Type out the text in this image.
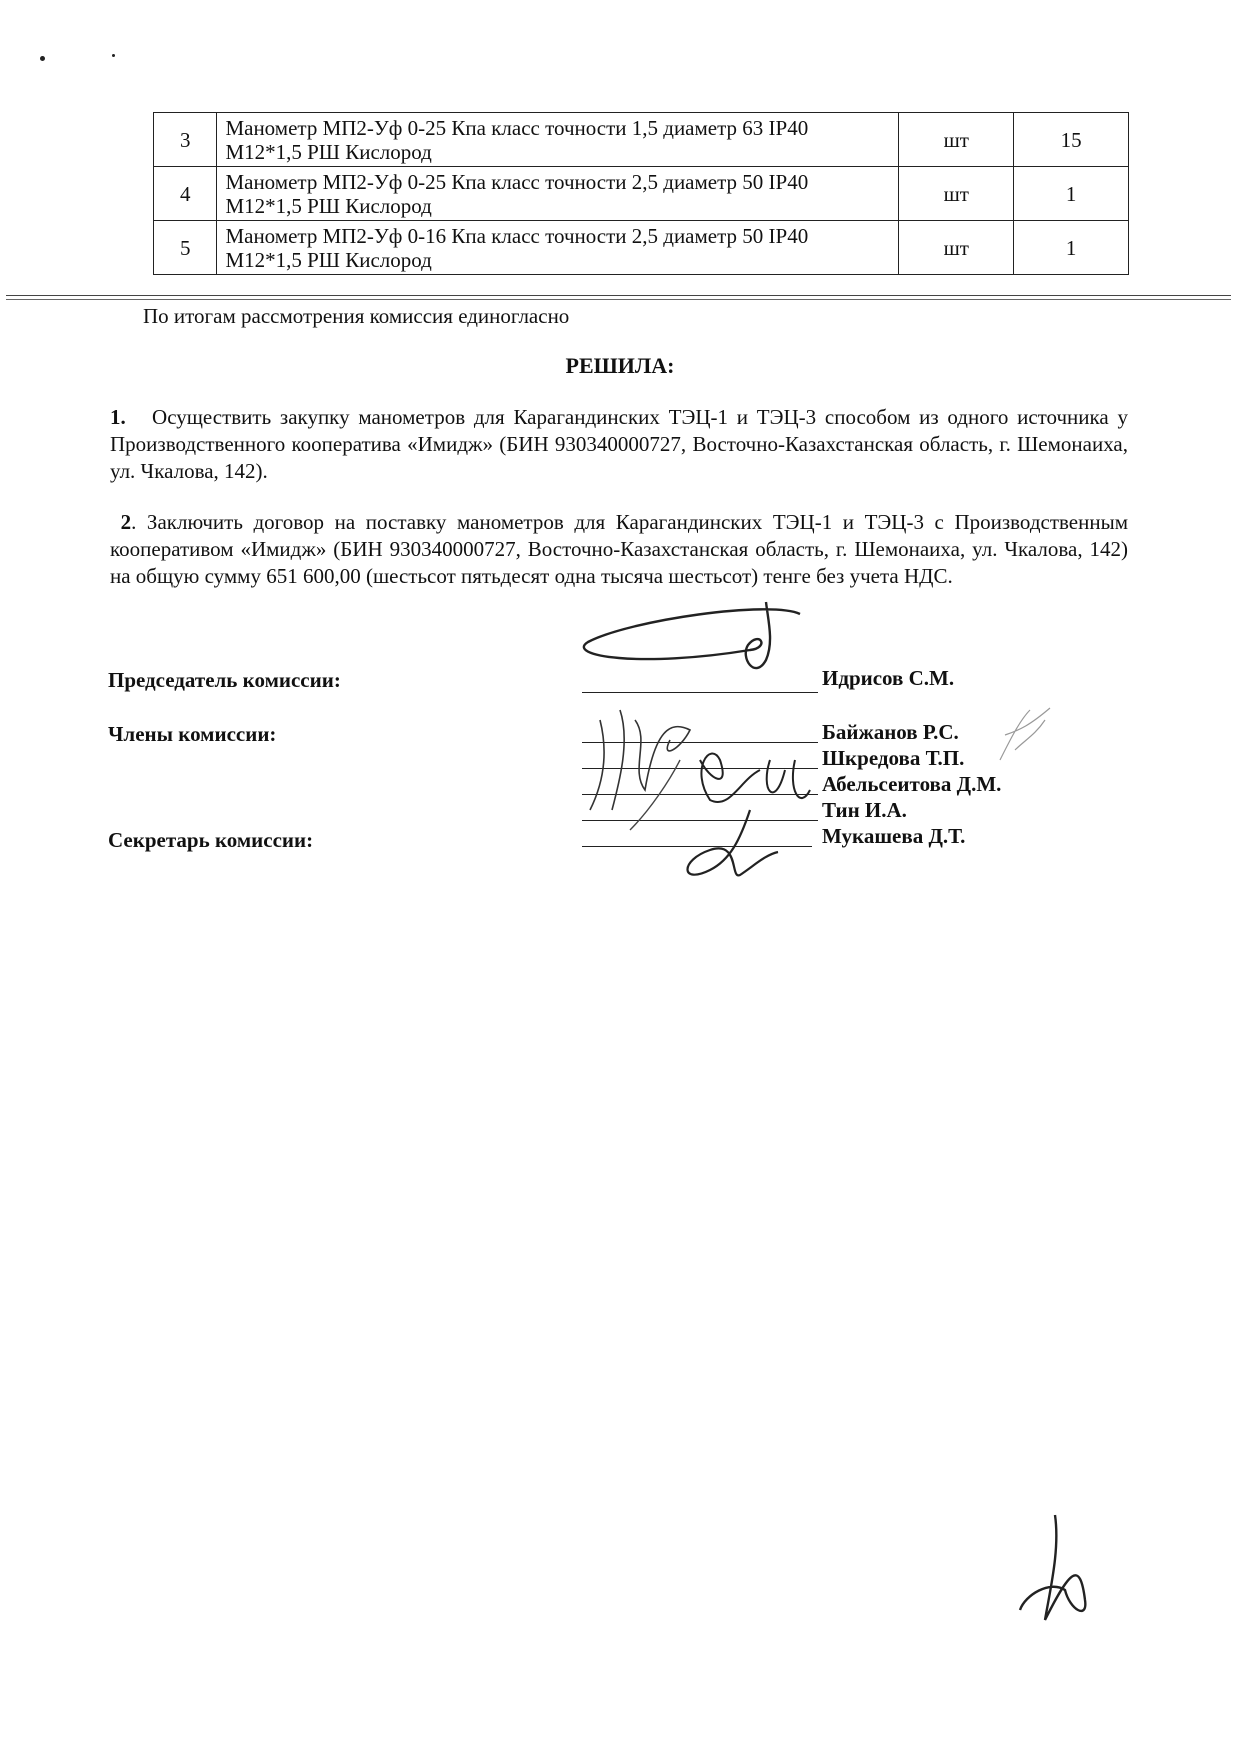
3	Манометр МП2-Уф 0-25 Кпа класс точности 1,5 диаметр 63 IP40
M12*1,5 РШ Кислород	шт	15
4	Манометр МП2-Уф 0-25 Кпа класс точности 2,5 диаметр 50 IP40
M12*1,5 РШ Кислород	шт	1
5	Манометр МП2-Уф 0-16 Кпа класс точности 2,5 диаметр 50 IP40
M12*1,5 РШ Кислород	шт	1
По итогам рассмотрения комиссия единогласно
РЕШИЛА:
1. Осуществить закупку манометров для Карагандинских ТЭЦ-1 и ТЭЦ-3 способом из одного источника у Производственного кооператива «Имидж» (БИН 930340000727, Восточно-Казахстанская область, г. Шемонаиха, ул. Чкалова, 142).
2. Заключить договор на поставку манометров для Карагандинских ТЭЦ-1 и ТЭЦ-3 с Производственным кооперативом «Имидж» (БИН 930340000727, Восточно-Казахстанская область, г. Шемонаиха, ул. Чкалова, 142) на общую сумму 651 600,00 (шестьсот пятьдесят одна тысяча шестьсот) тенге без учета НДС.
Председатель комиссии:
Члены комиссии:
Секретарь комиссии:
Идрисов С.М.
Байжанов Р.С.
Шкредова Т.П.
Абельсеитова Д.М.
Тин И.А.
Мукашева Д.Т.
